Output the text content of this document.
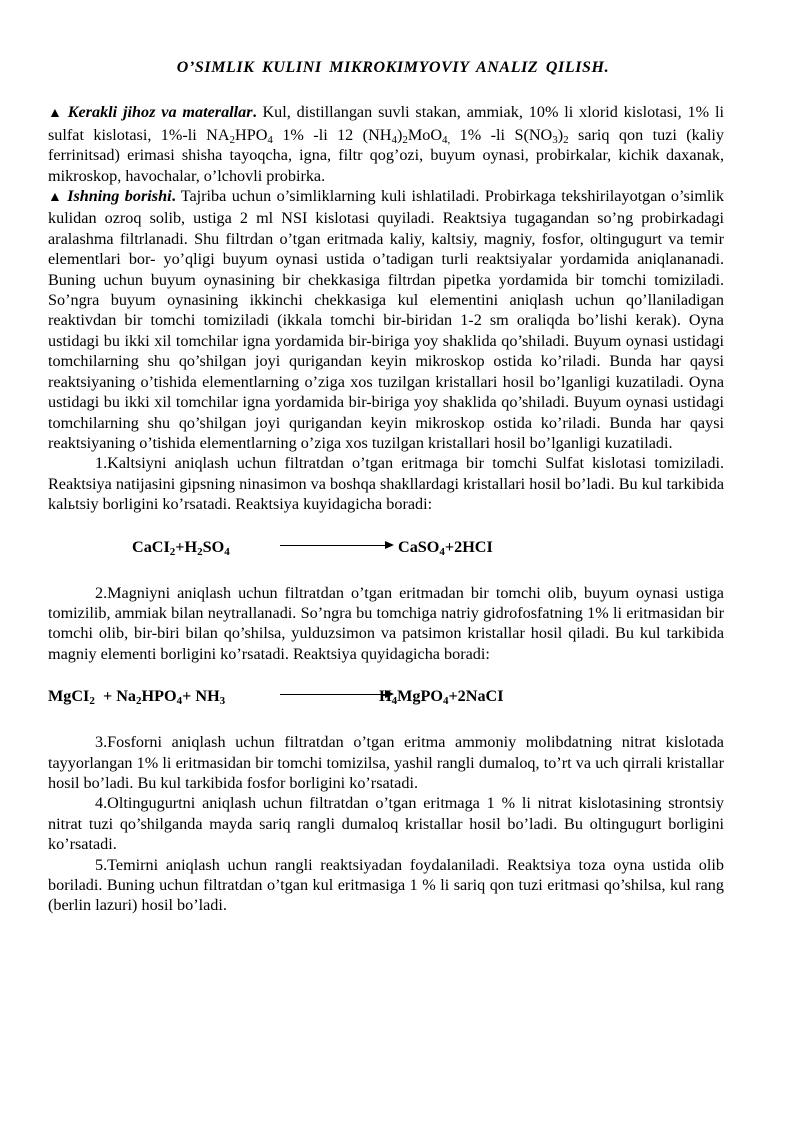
O’SIMLIK KULINI MIKROKIMYOVIY ANALIZ QILISH.

▲ Kerakli jihoz va materallar. Kul, distillangan suvli stakan, ammiak, 10% li xlorid kislotasi, 1% li sulfat kislotasi, 1%-li $NA_2HPO_4$ 1% -li 12 $(NH_4)_2MoO_{4,}$ 1% -li $S(NO_3)_2$ sariq qon tuzi (kaliy ferrinitsad) erimasi shisha tayoqcha, igna, filtr qog’ozi, buyum oynasi, probirkalar, kichik daxanak, mikroskop, havochalar, o’lchovli probirka.

▲ Ishning borishi. Tajriba uchun o’simliklarning kuli ishlatiladi. Probirkaga tekshirilayotgan o’simlik kulidan ozroq solib, ustiga 2 ml NSI kislotasi quyiladi. Reaktsiya tugagandan so’ng probirkadagi aralashma filtrlanadi. Shu filtrdan o’tgan eritmada kaliy, kaltsiy, magniy, fosfor, oltingugurt va temir elementlari bor- yo’qligi buyum oynasi ustida o’tadigan turli reaktsiyalar yordamida aniqlananadi. Buning uchun buyum oynasining bir chekkasiga filtrdan pipetka yordamida bir tomchi tomiziladi. So’ngra buyum oynasining ikkinchi chekkasiga kul elementini aniqlash uchun qo’llaniladigan reaktivdan bir tomchi tomiziladi (ikkala tomchi bir-biridan 1-2 sm oraliqda bo’lishi kerak). Oyna ustidagi bu ikki xil tomchilar igna yordamida bir-biriga yoy shaklida qo’shiladi. Buyum oynasi ustidagi tomchilarning shu qo’shilgan joyi qurigandan keyin mikroskop ostida ko’riladi. Bunda har qaysi reaktsiyaning o’tishida elementlarning o’ziga xos tuzilgan kristallari hosil bo’lganligi kuzatiladi. Oyna ustidagi bu ikki xil tomchilar igna yordamida bir-biriga yoy shaklida qo’shiladi. Buyum oynasi ustidagi tomchilarning shu qo’shilgan joyi qurigandan keyin mikroskop ostida ko’riladi. Bunda har qaysi reaktsiyaning o’tishida elementlarning o’ziga xos tuzilgan kristallari hosil bo’lganligi kuzatiladi.

1.Kaltsiyni aniqlash uchun filtratdan o’tgan eritmaga bir tomchi Sulfat kislotasi tomiziladi. Reaktsiya natijasini gipsning ninasimon va boshqa shakllardagi kristallari hosil bo’ladi. Bu kul tarkibida kalьtsiy borligini ko’rsatadi. Reaktsiya kuyidagicha boradi:

$CaCI_2+H_2SO_4$	CaSO$_4$+2HCI

2.Magniyni aniqlash uchun filtratdan o’tgan eritmadan bir tomchi olib, buyum oynasi ustiga tomizilib, ammiak bilan neytrallanadi. So’ngra bu tomchiga natriy gidrofosfatning 1% li eritmasidan bir tomchi olib, bir-biri bilan qo’shilsa, yulduzsimon va patsimon kristallar hosil qiladi. Bu kul tarkibida magniy elementi borligini ko’rsatadi. Reaktsiya quyidagicha boradi:

MgCI$_2$  + $Na_2HPO_4+ NH_3$	$H_4MgPO_4+2NaCI$

3.Fosforni aniqlash uchun filtratdan o’tgan eritma ammoniy molibdatning nitrat kislotada tayyorlangan 1% li eritmasidan bir tomchi tomizilsa, yashil rangli dumaloq, to’rt va uch qirrali kristallar hosil bo’ladi. Bu kul tarkibida fosfor borligini ko’rsatadi.

4.Oltingugurtni aniqlash uchun filtratdan o’tgan eritmaga 1 % li nitrat kislotasining strontsiy nitrat tuzi qo’shilganda mayda sariq rangli dumaloq kristallar hosil bo’ladi. Bu oltingugurt borligini ko’rsatadi.

5.Temirni aniqlash uchun rangli reaktsiyadan foydalaniladi. Reaktsiya toza oyna ustida olib boriladi. Buning uchun filtratdan o’tgan kul eritmasiga 1 % li sariq qon tuzi eritmasi qo’shilsa, kul rang (berlin lazuri) hosil bo’ladi.
